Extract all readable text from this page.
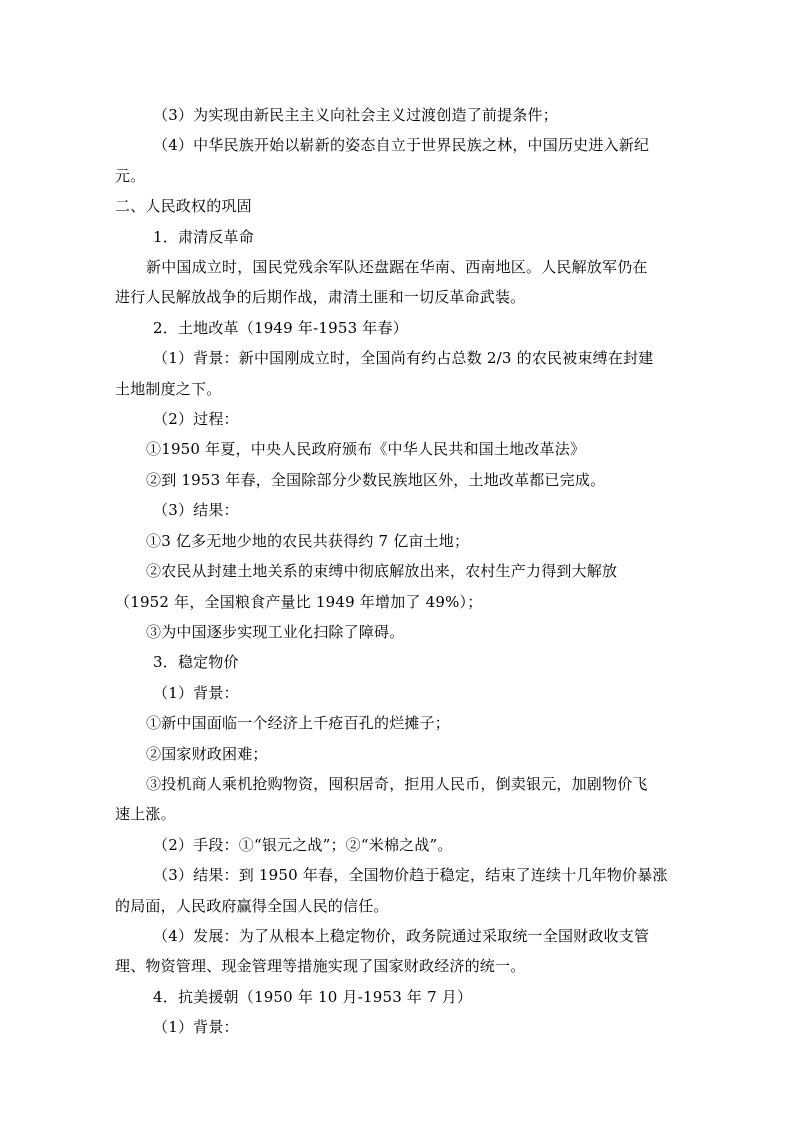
（3）为实现由新民主主义向社会主义过渡创造了前提条件；
（4）中华民族开始以崭新的姿态自立于世界民族之林，中国历史进入新纪
元。
二、人民政权的巩固
1．肃清反革命
新中国成立时，国民党残余军队还盘踞在华南、西南地区。人民解放军仍在
进行人民解放战争的后期作战，肃清土匪和一切反革命武装。
2．土地改革（1949 年-1953 年春）
（1）背景：新中国刚成立时，全国尚有约占总数 2/3 的农民被束缚在封建
土地制度之下。
（2）过程：
①1950 年夏，中央人民政府颁布《中华人民共和国土地改革法》
②到 1953 年春，全国除部分少数民族地区外，土地改革都已完成。
（3）结果：
①3 亿多无地少地的农民共获得约 7 亿亩土地；
②农民从封建土地关系的束缚中彻底解放出来，农村生产力得到大解放
（1952 年，全国粮食产量比 1949 年增加了 49%）；
③为中国逐步实现工业化扫除了障碍。
3．稳定物价
（1）背景：
①新中国面临一个经济上千疮百孔的烂摊子；
②国家财政困难；
③投机商人乘机抢购物资，囤积居奇，拒用人民币，倒卖银元，加剧物价飞
速上涨。
（2）手段：①“银元之战”；②“米棉之战”。
（3）结果：到 1950 年春，全国物价趋于稳定，结束了连续十几年物价暴涨
的局面，人民政府赢得全国人民的信任。
（4）发展：为了从根本上稳定物价，政务院通过采取统一全国财政收支管
理、物资管理、现金管理等措施实现了国家财政经济的统一。
4．抗美援朝（1950 年 10 月-1953 年 7 月）
（1）背景：
